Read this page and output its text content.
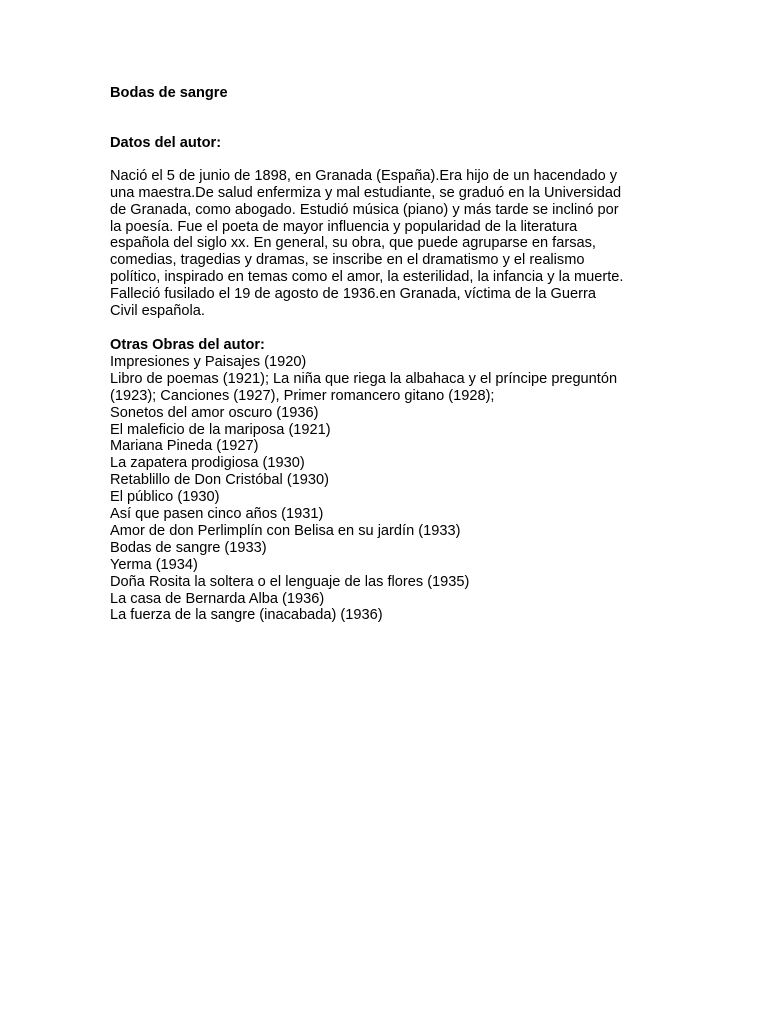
Bodas de sangre

Datos del autor:

Nació el 5 de junio de 1898, en Granada (España).Era hijo de un hacendado y
una maestra.De salud enfermiza y mal estudiante, se graduó en la Universidad
de Granada, como abogado. Estudió música (piano) y más tarde se inclinó por
la poesía. Fue el poeta de mayor influencia y popularidad de la literatura
española del siglo xx. En general, su obra, que puede agruparse en farsas,
comedias, tragedias y dramas, se inscribe en el dramatismo y el realismo
político, inspirado en temas como el amor, la esterilidad, la infancia y la muerte.
Falleció fusilado el 19 de agosto de 1936.en Granada, víctima de la Guerra
Civil española.

Otras Obras del autor:

Impresiones y Paisajes (1920)
Libro de poemas (1921); La niña que riega la albahaca y el príncipe preguntón
(1923); Canciones (1927), Primer romancero gitano (1928);
Sonetos del amor oscuro (1936)
El maleficio de la mariposa (1921)
Mariana Pineda (1927)
La zapatera prodigiosa (1930)
Retablillo de Don Cristóbal (1930)
El público (1930)
Así que pasen cinco años (1931)
Amor de don Perlimplín con Belisa en su jardín (1933)
Bodas de sangre (1933)
Yerma (1934)
Doña Rosita la soltera o el lenguaje de las flores (1935)
La casa de Bernarda Alba (1936)
La fuerza de la sangre (inacabada) (1936)
